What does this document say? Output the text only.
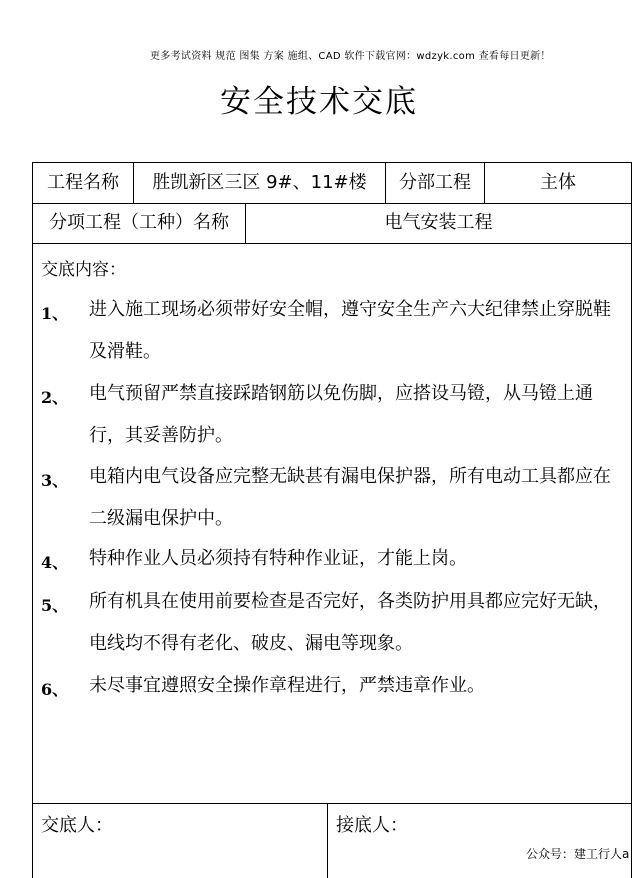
更多考试资料 规范 图集 方案 施组、CAD 软件下载官网：wdzyk.com 查看每日更新！
安全技术交底
工程名称	胜凯新区三区 9#、11#楼	分部工程	主体
分项工程（工种）名称	电气安装工程
交底内容：
1、 进入施工现场必须带好安全帽，遵守安全生产六大纪律禁止穿脱鞋及滑鞋。
2、 电气预留严禁直接踩踏钢筋以免伤脚，应搭设马镫，从马镫上通行，其妥善防护。
3、 电箱内电气设备应完整无缺甚有漏电保护器，所有电动工具都应在二级漏电保护中。
4、 特种作业人员必须持有特种作业证，才能上岗。
5、 所有机具在使用前要检查是否完好，各类防护用具都应完好无缺，电线均不得有老化、破皮、漏电等现象。
6、 未尽事宜遵照安全操作章程进行，严禁违章作业。
交底人：	接底人：
公众号：建工行人a
